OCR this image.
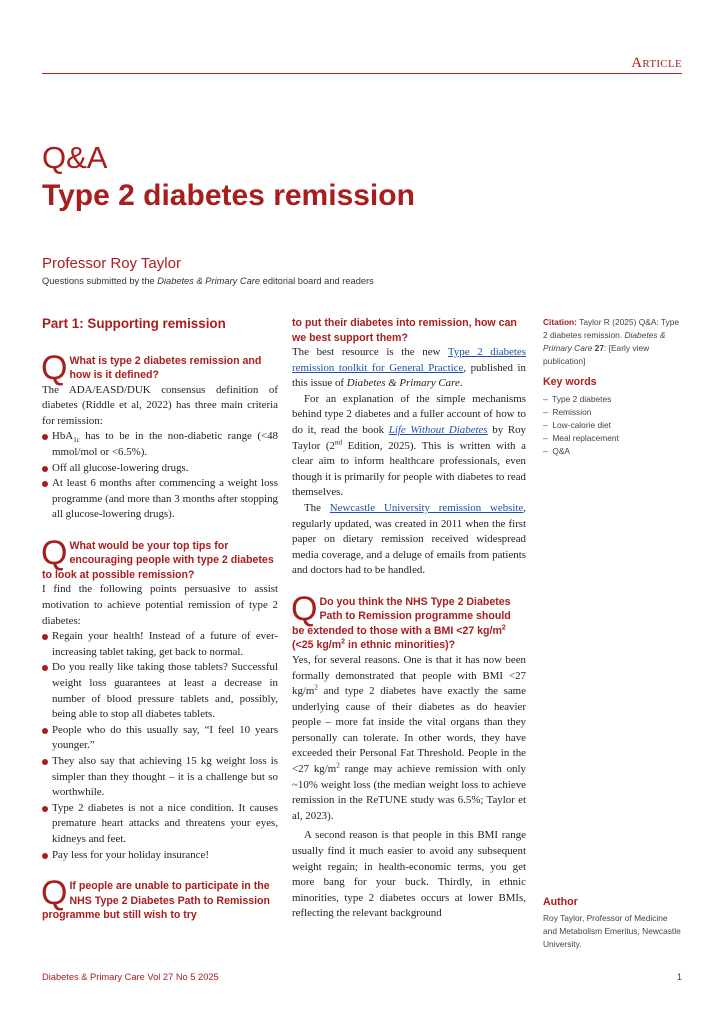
Article
Q&A
Type 2 diabetes remission
Professor Roy Taylor
Questions submitted by the Diabetes & Primary Care editorial board and readers
Part 1: Supporting remission
Q What is type 2 diabetes remission and how is it defined?

The ADA/EASD/DUK consensus definition of diabetes (Riddle et al, 2022) has three main criteria for remission:

HbA$_{1c}$ has to be in the non-diabetic range (<48 mmol/mol or <6.5%).
Off all glucose-lowering drugs.
At least 6 months after commencing a weight loss programme (and more than 3 months after stopping all glucose-lowering drugs).
Q What would be your top tips for encouraging people with type 2 diabetes to look at possible remission?

I find the following points persuasive to assist motivation to achieve potential remission of type 2 diabetes:

Regain your health! Instead of a future of ever-increasing tablet taking, get back to normal.
Do you really like taking those tablets? Successful weight loss guarantees at least a decrease in number of blood pressure tablets and, possibly, being able to stop all diabetes tablets.
People who do this usually say, “I feel 10 years younger.”
They also say that achieving 15 kg weight loss is simpler than they thought – it is a challenge but so worthwhile.
Type 2 diabetes is not a nice condition. It causes premature heart attacks and threatens your eyes, kidneys and feet.
Pay less for your holiday insurance!
Q If people are unable to participate in the NHS Type 2 Diabetes Path to Remission programme but still wish to try

to put their diabetes into remission, how can we best support them?

The best resource is the new Type 2 diabetes remission toolkit for General Practice, published in this issue of Diabetes & Primary Care.

For an explanation of the simple mechanisms behind type 2 diabetes and a fuller account of how to do it, read the book Life Without Diabetes by Roy Taylor (2nd Edition, 2025). This is written with a clear aim to inform healthcare professionals, even though it is primarily for people with diabetes to read themselves.

The Newcastle University remission website, regularly updated, was created in 2011 when the first paper on dietary remission received widespread media coverage, and a deluge of emails from patients and doctors had to be handled.

Q Do you think the NHS Type 2 Diabetes Path to Remission programme should be extended to those with a BMI <27 $kg/m^2$ (<25 $kg/m^2$ in ethnic minorities)?

Yes, for several reasons. One is that it has now been formally demonstrated that people with BMI <27 $kg/m^2$ and type 2 diabetes have exactly the same underlying cause of their diabetes as do heavier people – more fat inside the vital organs than they personally can tolerate. In other words, they have exceeded their Personal Fat Threshold. People in the <27 $kg/m^2$ range may achieve remission with only ~10% weight loss (the median weight loss to achieve remission in the ReTUNE study was 6.5%; Taylor et al, 2023).

A second reason is that people in this BMI range usually find it much easier to avoid any subsequent weight regain; in health-economic terms, you get more bang for your buck. Thirdly, in ethnic minorities, type 2 diabetes occurs at lower BMIs, reflecting the relevant background

Citation: Taylor R (2025) Q&A: Type 2 diabetes remission. Diabetes & Primary Care 27: [Early view publication]
Key words
–  Type 2 diabetes
–  Remission
–  Low-calorie diet
–  Meal replacement
–  Q&A
Author
Roy Taylor, Professor of Medicine and Metabolism Emeritus, Newcastle University.
Diabetes & Primary Care Vol 27 No 5 2025	1
